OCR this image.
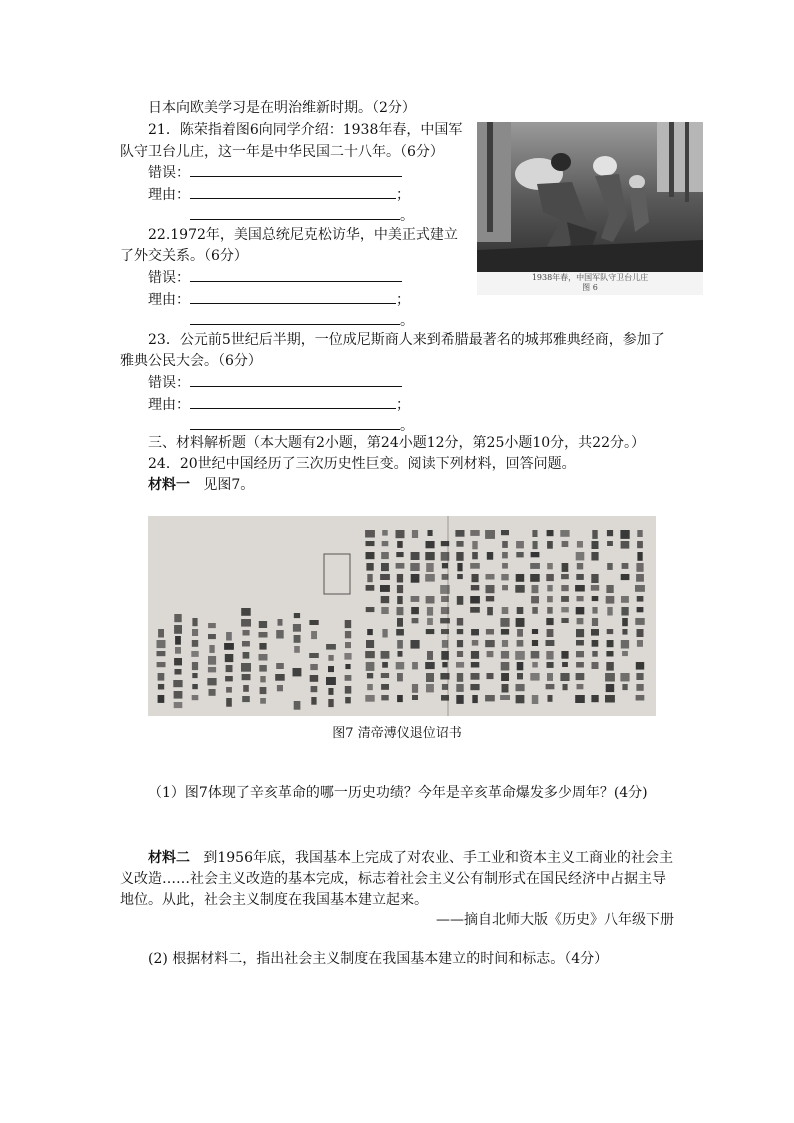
日本向欧美学习是在明治维新时期。（2分）
21．陈荣指着图6向同学介绍：1938年春，中国军
队守卫台儿庄，这一年是中华民国二十八年。（6分）
错误：
理由：	；
。
22.1972年，美国总统尼克松访华，中美正式建立
了外交关系。（6分）
错误：
理由：	；
。
23．公元前5世纪后半期，一位成尼斯商人来到希腊最著名的城邦雅典经商，参加了
雅典公民大会。（6分）
错误：
理由：	；
。
三、材料解析题（本大题有2小题，第24小题12分，第25小题10分，共22分。）
24．20世纪中国经历了三次历史性巨变。阅读下列材料，回答问题。
材料一 见图7。
1938年春，中国军队守卫台儿庄
图 6
图7 清帝溥仪退位诏书
（1）图7体现了辛亥革命的哪一历史功绩？今年是辛亥革命爆发多少周年？(4分)
材料二 到1956年底，我国基本上完成了对农业、手工业和资本主义工商业的社会主
义改造……社会主义改造的基本完成，标志着社会主义公有制形式在国民经济中占据主导
地位。从此，社会主义制度在我国基本建立起来。
——摘自北师大版《历史》八年级下册
(2) 根据材料二，指出社会主义制度在我国基本建立的时间和标志。（4分）
